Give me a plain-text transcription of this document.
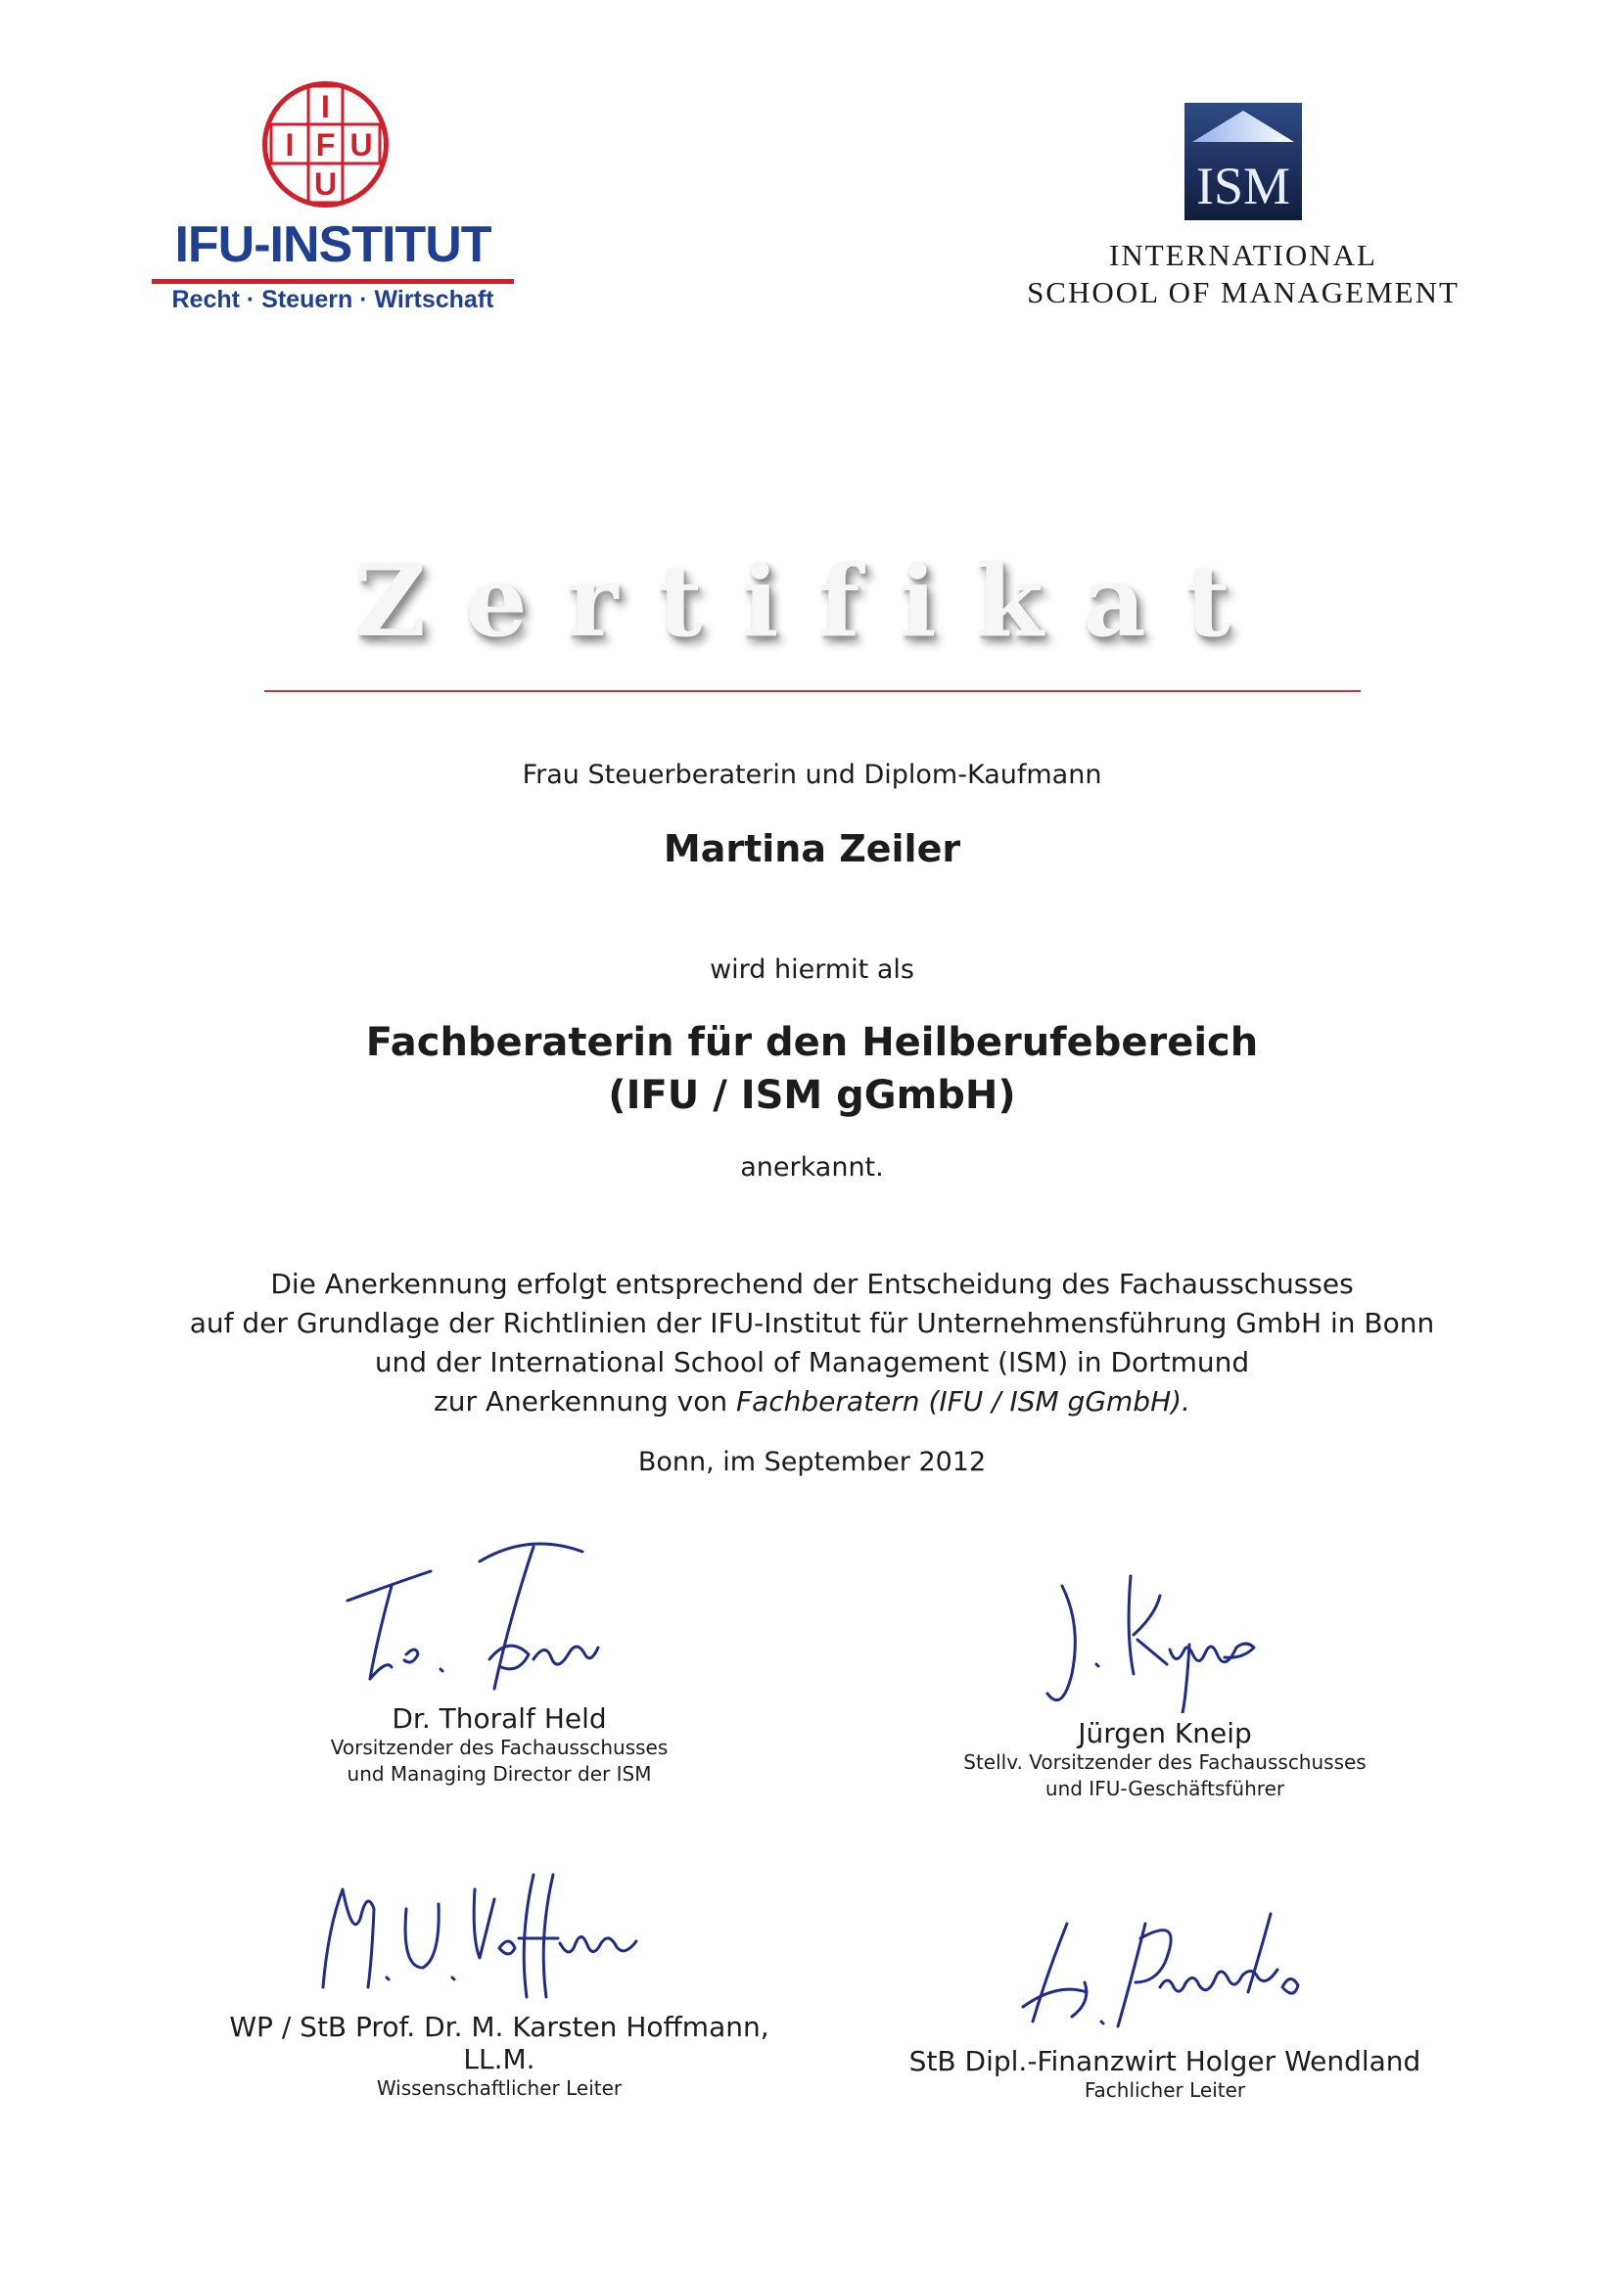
I
I F U
U
IFU-INSTITUT
Recht · Steuern · Wirtschaft
ISM
INTERNATIONAL
SCHOOL OF MANAGEMENT
Zertifikat
Frau Steuerberaterin und Diplom-Kaufmann
Martina Zeiler
wird hiermit als
Fachberaterin für den Heilberufebereich
(IFU / ISM gGmbH)
anerkannt.
Die Anerkennung erfolgt entsprechend der Entscheidung des Fachausschusses
auf der Grundlage der Richtlinien der IFU-Institut für Unternehmensführung GmbH in Bonn
und der International School of Management (ISM) in Dortmund
zur Anerkennung von Fachberatern (IFU / ISM gGmbH).
Bonn, im September 2012
Dr. Thoralf Held
Vorsitzender des Fachausschusses
und Managing Director der ISM
Jürgen Kneip
Stellv. Vorsitzender des Fachausschusses
und IFU-Geschäftsführer
WP / StB Prof. Dr. M. Karsten Hoffmann, LL.M.
Wissenschaftlicher Leiter
StB Dipl.-Finanzwirt Holger Wendland
Fachlicher Leiter
